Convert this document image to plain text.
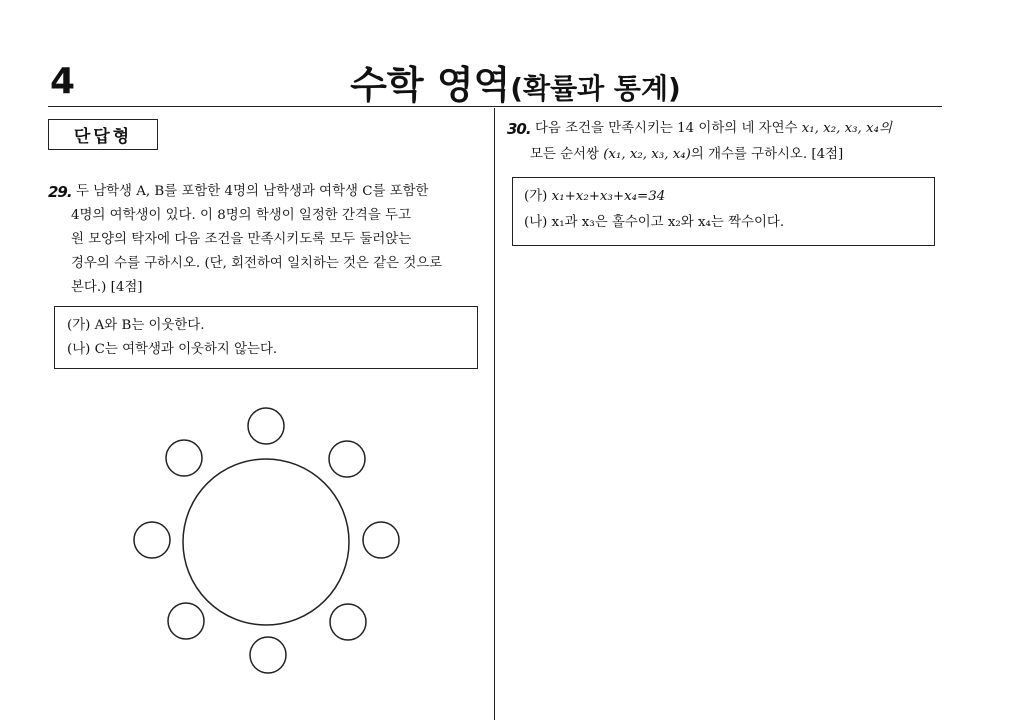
4	수학 영역(확률과 통계)
단답형
29. 두 남학생 A, B를 포함한 4명의 남학생과 여학생 C를 포함한
4명의 여학생이 있다. 이 8명의 학생이 일정한 간격을 두고
원 모양의 탁자에 다음 조건을 만족시키도록 모두 둘러앉는
경우의 수를 구하시오. (단, 회전하여 일치하는 것은 같은 것으로
본다.) [4점]
(가) A와 B는 이웃한다.
(나) C는 여학생과 이웃하지 않는다.
30. 다음 조건을 만족시키는 14 이하의 네 자연수 x₁, x₂, x₃, x₄의
모든 순서쌍 (x₁, x₂, x₃, x₄)의 개수를 구하시오. [4점]
(가) x₁+x₂+x₃+x₄=34
(나) x₁과 x₃은 홀수이고 x₂와 x₄는 짝수이다.
